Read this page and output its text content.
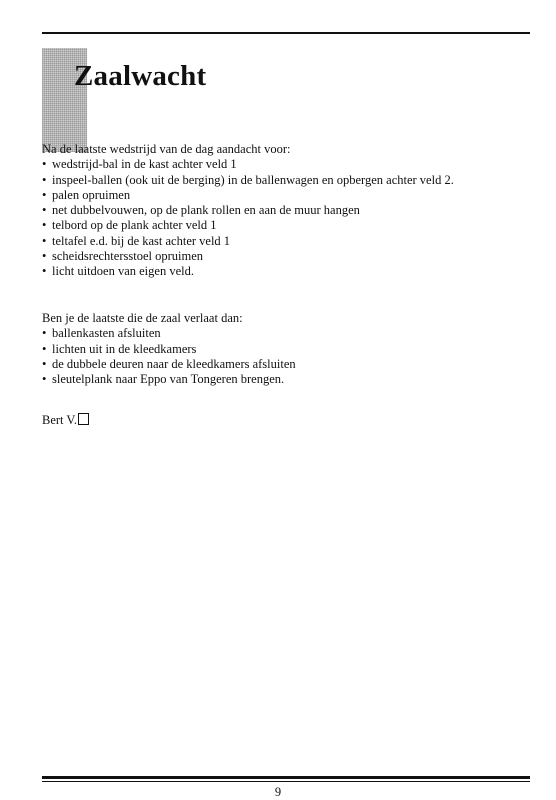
Zaalwacht
Na de laatste wedstrijd van de dag aandacht voor:
• wedstrijd-bal in de kast achter veld 1
• inspeel-ballen (ook uit de berging) in de ballenwagen en opbergen achter veld 2.
• palen opruimen
• net dubbelvouwen, op de plank rollen en aan de muur hangen
• telbord op de plank achter veld 1
• teltafel e.d. bij de kast achter veld 1
• scheidsrechtersstoel opruimen
• licht uitdoen van eigen veld.
Ben je de laatste die de zaal verlaat dan:
• ballenkasten afsluiten
• lichten uit in de kleedkamers
• de dubbele deuren naar de kleedkamers afsluiten
• sleutelplank naar Eppo van Tongeren brengen.
Bert V.
9
